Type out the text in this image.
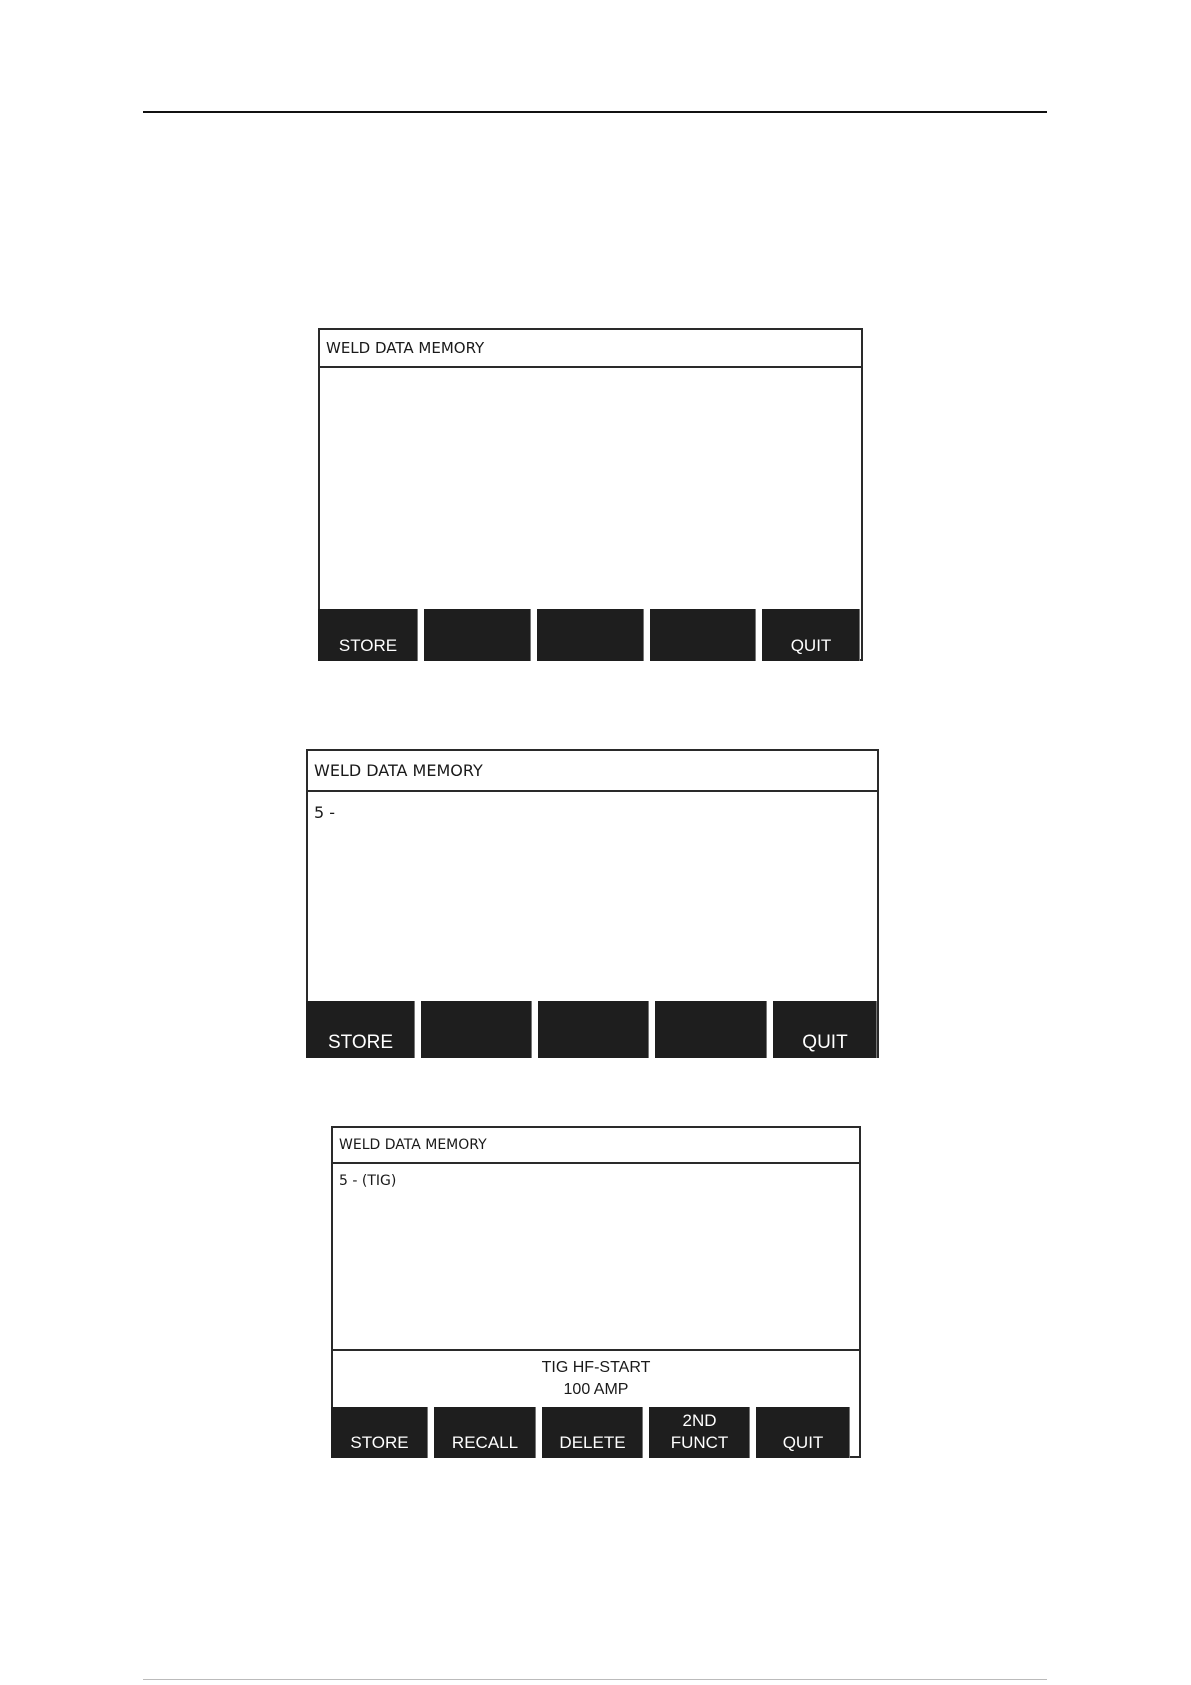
WELD DATA MEMORY
STORE	QUIT
WELD DATA MEMORY
5 -
STORE	QUIT
WELD DATA MEMORY
5 - (TIG)
TIG HF-START
100 AMP
STORE	RECALL	DELETE
2ND FUNCT	QUIT
